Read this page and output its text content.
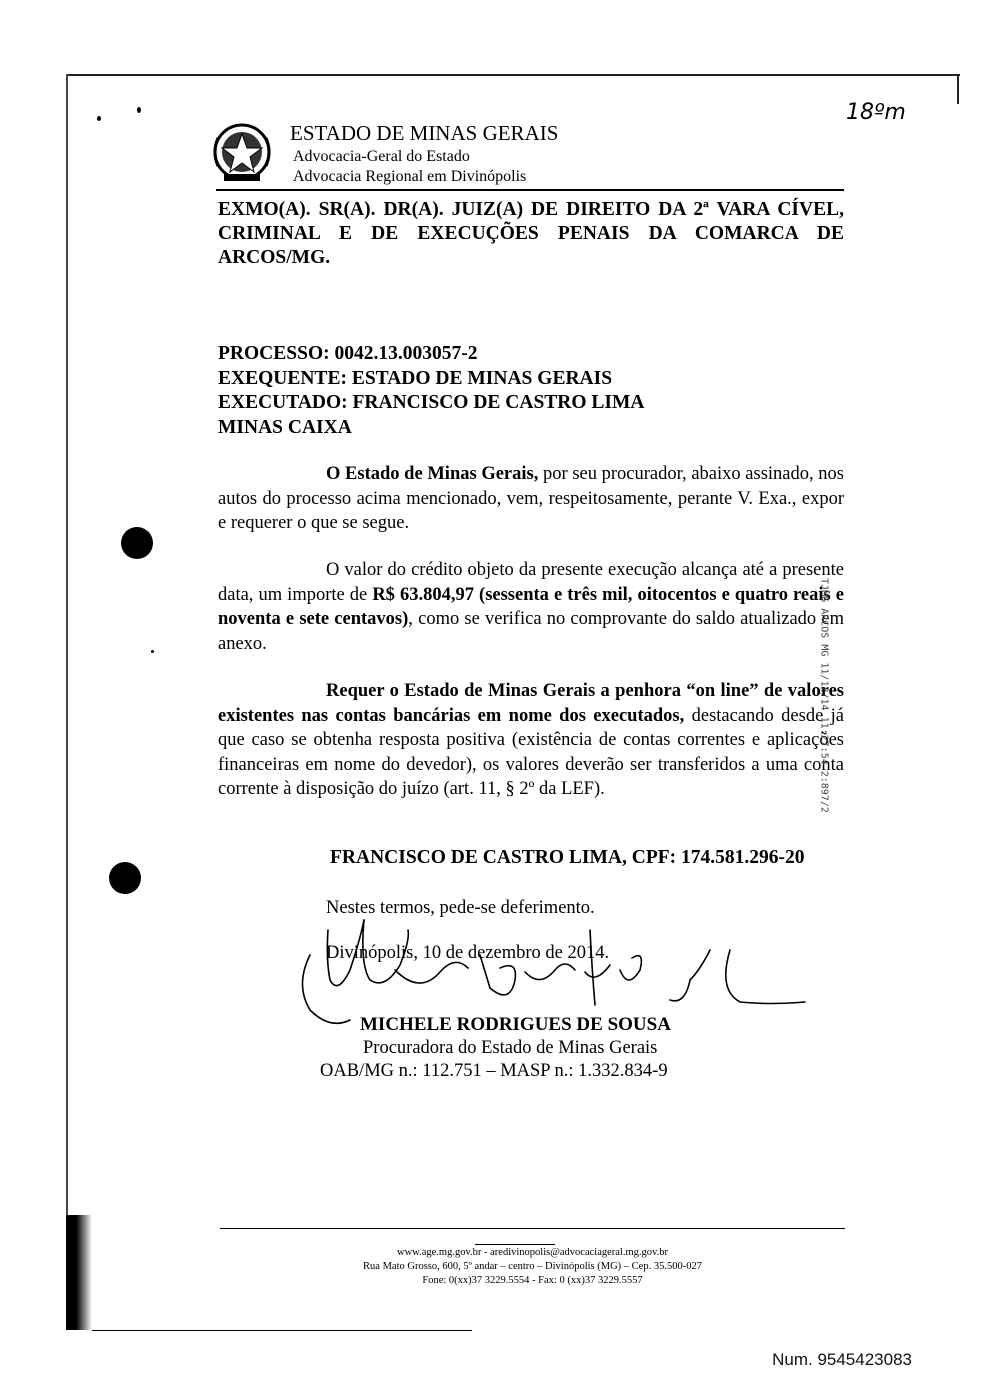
ESTADO DE MINAS GERAIS
Advocacia-Geral do Estado
Advocacia Regional em Divinópolis
18ºm
EXMO(A). SR(A). DR(A). JUIZ(A) DE DIREITO DA 2ª VARA CÍVEL, CRIMINAL E DE EXECUÇÕES PENAIS DA COMARCA DE ARCOS/MG.
PROCESSO: 0042.13.003057-2
EXEQUENTE: ESTADO DE MINAS GERAIS
EXECUTADO: FRANCISCO DE CASTRO LIMA
MINAS CAIXA
O Estado de Minas Gerais, por seu procurador, abaixo assinado, nos autos do processo acima mencionado, vem, respeitosamente, perante V. Exa., expor e requerer o que se segue.
O valor do crédito objeto da presente execução alcança até a presente data, um importe de R$ 63.804,97 (sessenta e três mil, oitocentos e quatro reais e noventa e sete centavos), como se verifica no comprovante do saldo atualizado em anexo.
Requer o Estado de Minas Gerais a penhora “on line” de valores existentes nas contas bancárias em nome dos executados, destacando desde já que caso se obtenha resposta positiva (existência de contas correntes e aplicações financeiras em nome do devedor), os valores deverão ser transferidos a uma conta corrente à disposição do juízo (art. 11, § 2º da LEF).
FRANCISCO DE CASTRO LIMA, CPF: 174.581.296-20
Nestes termos, pede-se deferimento.
Divinópolis, 10 de dezembro de 2014.
MICHELE RODRIGUES DE SOUSA
Procuradora do Estado de Minas Gerais
OAB/MG n.: 112.751 – MASP n.: 1.332.834-9
TJMG ARCOS MG 11/12/14 11:27:54 2:897/2
www.age.mg.gov.br - aredivinopolis@advocaciageral.mg.gov.br
Rua Mato Grosso, 600, 5º andar – centro – Divinópolis (MG) – Cep. 35.500-027
Fone: 0(xx)37 3229.5554 - Fax: 0 (xx)37 3229.5557
Num. 9545423083
